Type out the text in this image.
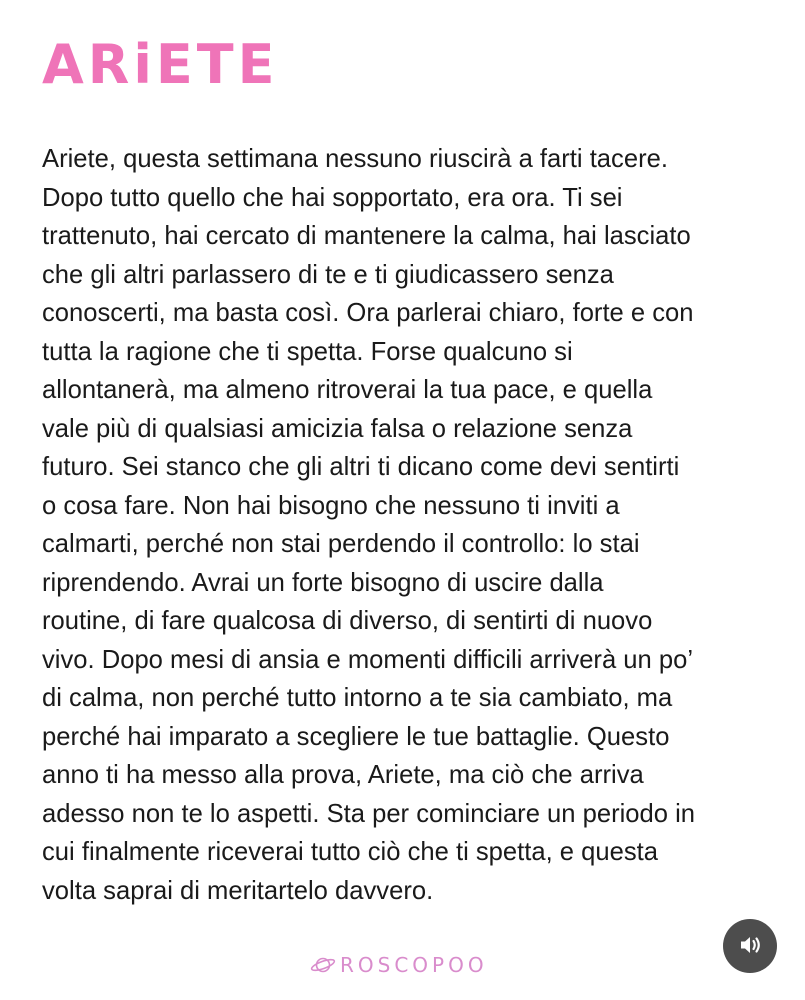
ARiETE

Ariete, questa settimana nessuno riuscirà a farti tacere.
Dopo tutto quello che hai sopportato, era ora. Ti sei
trattenuto, hai cercato di mantenere la calma, hai lasciato
che gli altri parlassero di te e ti giudicassero senza
conoscerti, ma basta così. Ora parlerai chiaro, forte e con
tutta la ragione che ti spetta. Forse qualcuno si
allontanerà, ma almeno ritroverai la tua pace, e quella
vale più di qualsiasi amicizia falsa o relazione senza
futuro. Sei stanco che gli altri ti dicano come devi sentirti
o cosa fare. Non hai bisogno che nessuno ti inviti a
calmarti, perché non stai perdendo il controllo: lo stai
riprendendo. Avrai un forte bisogno di uscire dalla
routine, di fare qualcosa di diverso, di sentirti di nuovo
vivo. Dopo mesi di ansia e momenti difficili arriverà un po’
di calma, non perché tutto intorno a te sia cambiato, ma
perché hai imparato a scegliere le tue battaglie. Questo
anno ti ha messo alla prova, Ariete, ma ciò che arriva
adesso non te lo aspetti. Sta per cominciare un periodo in
cui finalmente riceverai tutto ciò che ti spetta, e questa
volta saprai di meritartelo davvero.

ROSCOPOO
